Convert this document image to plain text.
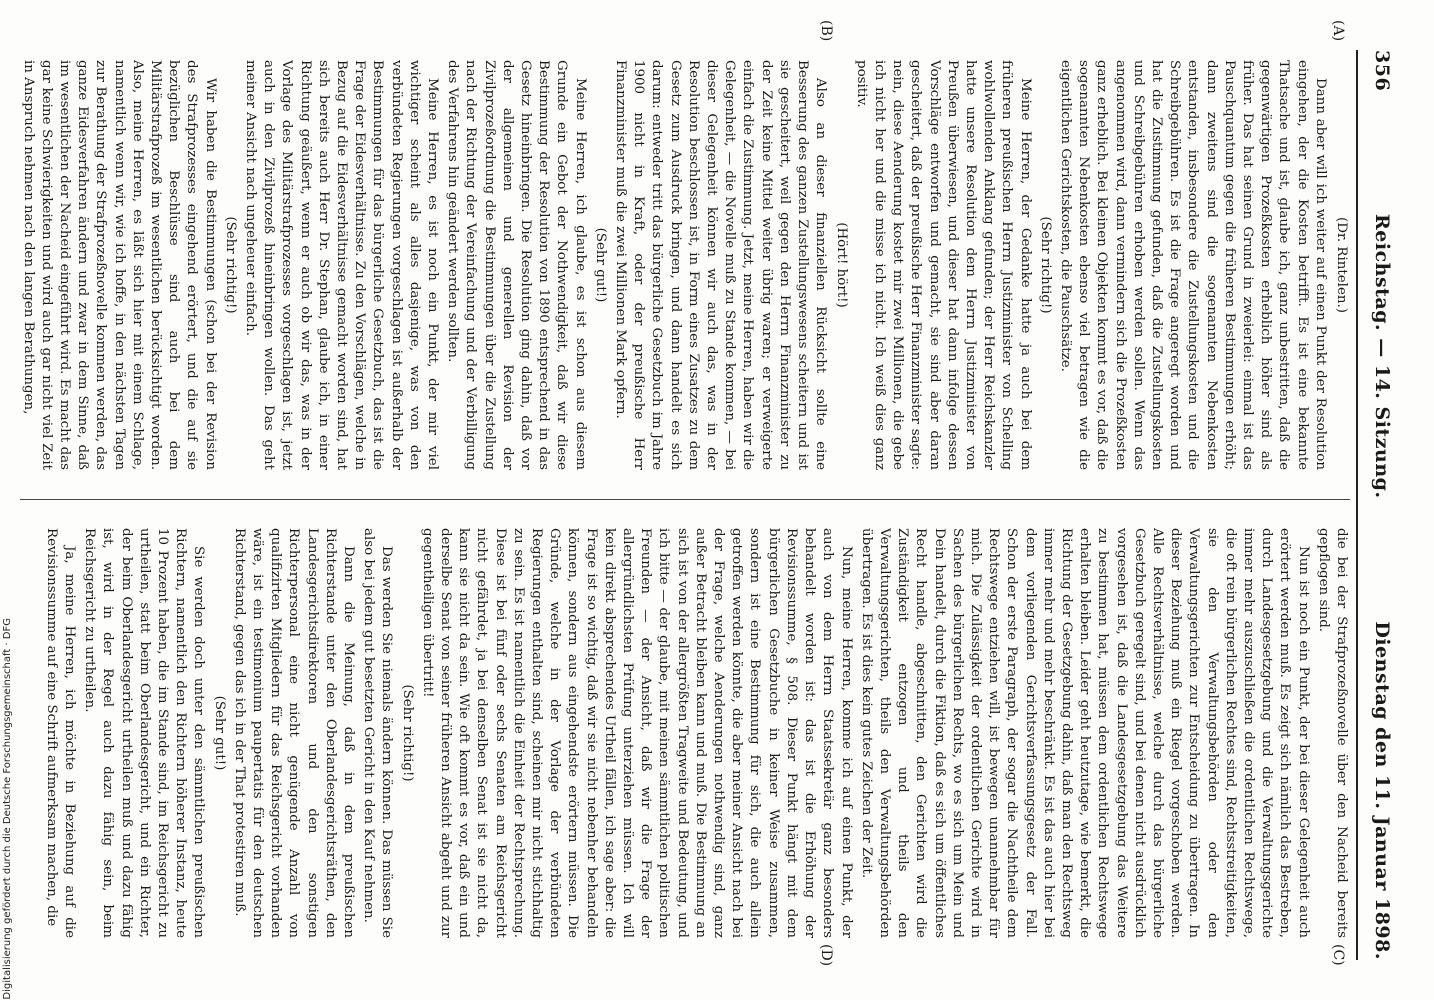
356
Reichstag. — 14. Sitzung.
Dienstag den 11. Januar 1898.
(A)
(B)
(C)
(D)

(Dr. Rintelen.)

Dann aber will ich weiter auf einen Punkt der Resolution eingehen, der die Kosten betrifft. Es ist eine bekannte Thatsache und ist, glaube ich, ganz unbestritten, daß die gegenwärtigen Prozeßkosten erheblich höher sind als früher. Das hat seinen Grund in zweierlei: einmal ist das Pauschquantum gegen die früheren Bestimmungen erhöht; dann zweitens sind die sogenannten Nebenkosten entstanden, insbesondere die Zustellungskosten und die Schreibgebühren. Es ist die Frage angeregt worden und hat die Zustimmung gefunden, daß die Zustellungskosten und Schreibgebühren erhoben werden sollen. Wenn das angenommen wird, dann vermindern sich die Prozeßkosten ganz erheblich. Bei kleinen Objekten kommt es vor, daß die sogenannten Nebenkosten ebenso viel betragen wie die eigentlichen Gerichtskosten, die Pauschsätze.

(Sehr richtig!)

Meine Herren, der Gedanke hatte ja auch bei dem früheren preußischen Herrn Justizminister von Schelling wohlwollenden Anklang gefunden; der Herr Reichskanzler hatte unsere Resolution dem Herrn Justizminister von Preußen überwiesen, und dieser hat dann infolge dessen Vorschläge entworfen und gemacht, sie sind aber daran gescheitert, daß der preußische Herr Finanzminister sagte: nein, diese Aenderung kostet mir zwei Millionen, die gebe ich nicht her und die misse ich nicht. Ich weiß dies ganz positiv.

(Hört! hört!)

Also an dieser finanziellen Rücksicht sollte eine Besserung des ganzen Zustellungswesens scheitern und ist sie gescheitert, weil gegen den Herrn Finanzminister zu der Zeit keine Mittel weiter übrig waren; er verweigerte einfach die Zustimmung. Jetzt, meine Herren, haben wir die Gelegenheit, — die Novelle muß zu Stande kommen, — bei dieser Gelegenheit können wir auch das, was in der Resolution beschlossen ist, in Form eines Zusatzes zu dem Gesetz zum Ausdruck bringen, und dann handelt es sich darum: entweder tritt das bürgerliche Gesetzbuch im Jahre 1900 nicht in Kraft, oder der preußische Herr Finanzminister muß die zwei Millionen Mark opfern.

(Sehr gut!)

Meine Herren, ich glaube, es ist schon aus diesem Grunde ein Gebot der Nothwendigkeit, daß wir diese Bestimmung der Resolution von 1890 entsprechend in das Gesetz hineinbringen. Die Resolution ging dahin, daß vor der allgemeinen und generellen Revision der Zivilprozeßordnung die Bestimmungen über die Zustellung nach der Richtung der Vereinfachung und der Verbilligung des Verfahrens hin geändert werden sollten.

Meine Herren, es ist noch ein Punkt, der mir viel wichtiger scheint als alles dasjenige, was von den verbündeten Regierungen vorgeschlagen ist außerhalb der Bestimmungen für das bürgerliche Gesetzbuch, das ist die Frage der Eidesverhältnisse. Zu den Vorschlägen, welche in Bezug auf die Eidesverhältnisse gemacht worden sind, hat sich bereits auch Herr Dr. Stephan, glaube ich, in einer Richtung geäußert, wenn er auch ob wir das, was in der Vorlage des Militärstrafprozesses vorgeschlagen ist, jetzt auch in den Zivilprozeß hineinbringen wollen. Das geht meiner Ansicht nach ungeheuer einfach.

(Sehr richtig!)

Wir haben die Bestimmungen (schon bei der Revision des Strafprozesses eingehend erörtert, und die auf sie bezüglichen Beschlüsse sind auch bei dem Militärstrafprozeß im wesentlichen berücksichtigt worden. Also, meine Herren, es läßt sich hier mit einem Schlage, namentlich wenn wir, wie ich hoffe, in den nächsten Tagen zur Berathung der Strafprozeßnovelle kommen werden, das ganze Eidesverfahren ändern und zwar in dem Sinne, daß im wesentlichen der Nacheid eingeführt wird. Es macht das gar keine Schwierigkeiten und wird auch gar nicht viel Zeit in Anspruch nehmen nach den langen Berathungen,

die bei der Strafprozeßnovelle über den Nacheid bereits gepflogen sind.

Nun ist noch ein Punkt, der bei dieser Gelegenheit auch erörtert werden muß. Es zeigt sich nämlich das Bestreben, durch Landesgesetzgebung und die Verwaltungsgerichte immer mehr auszuschließen die ordentlichen Rechtswege, die oft rein bürgerlichen Rechtes sind, Rechtsstreitigkeiten, sie den Verwaltungsbehörden oder den Verwaltungsgerichten zur Entscheidung zu übertragen. In dieser Beziehung muß ein Riegel vorgeschoben werden. Alle Rechtsverhältnisse, welche durch das bürgerliche Gesetzbuch geregelt sind, und bei denen nicht ausdrücklich vorgesehen ist, daß die Landesgesetzgebung das Weitere zu bestimmen hat, müssen dem ordentlichen Rechtswege erhalten bleiben. Leider geht heutzutage, wie bemerkt, die Richtung der Gesetzgebung dahin, daß man den Rechtsweg immer mehr und mehr beschränkt. Es ist das auch hier bei dem vorliegenden Gerichtsverfassungsgesetz der Fall. Schon der erste Paragraph, der sogar die Nachtheile dem Rechtswege entziehen will, ist bewegen unannehmbar für mich. Die Zulässigkeit der ordentlichen Gerichte wird in Sachen des bürgerlichen Rechts, wo es sich um Mein und Dein handelt, durch die Fiktion, daß es sich um öffentliches Recht handle, abgeschnitten, den Gerichten wird die Zuständigkeit entzogen und theils den Verwaltungsgerichten, theils den Verwaltungsbehörden übertragen. Es ist dies kein gutes Zeichen der Zeit.

Nun, meine Herren, komme ich auf einen Punkt, der auch von dem Herrn Staatssekretär ganz besonders behandelt worden ist: das ist die Erhöhung der Revisionssumme, § 508. Dieser Punkt hängt mit dem bürgerlichen Gesetzbuche in keiner Weise zusammen, sondern ist eine Bestimmung für sich, die auch allein getroffen werden könnte, die aber meiner Ansicht nach bei der Frage, welche Aenderungen nothwendig sind, ganz außer Betracht bleiben kann und muß. Die Bestimmung an sich ist von der allergrößten Tragweite und Bedeutung, und ich bitte — der glaube, mit meinen sämmtlichen politischen Freunden — der Ansicht, daß wir die Frage der allergründlichsten Prüfung unterziehen müssen. Ich will kein direkt absprechendes Urtheil fällen, ich sage aber: die Frage ist so wichtig, daß wir sie nicht nebenher behandeln können, sondern aus eingehendste erörtern müssen. Die Gründe, welche in der Vorlage der verbündeten Regierungen enthalten sind, scheinen mir nicht stichhaltig zu sein. Es ist namentlich die Einheit der Rechtsprechung. Diese ist bei fünf oder sechs Senaten am Reichsgericht nicht gefährdet, ja bei denselben Senat ist sie nicht da, kann sie nicht da sein. Wie oft kommt es vor, daß ein und derselbe Senat von seiner früheren Ansicht abgeht und zur gegentheiligen übertritt!

(Sehr richtig!)

Das werden Sie niemals ändern können. Das müssen Sie also bei jedem gut besetzten Gericht in den Kauf nehmen.

Dann die Meinung, daß in dem preußischen Richterstande unter den Oberlandesgerichtsräthen, den Landesgerichtsdirektoren und den sonstigen Richterpersonal eine nicht genügende Anzahl von qualifizirten Mitgliedern für das Reichsgericht vorhanden wäre, ist ein testimonium paupertatis für den deutschen Richterstand, gegen das ich in der That protestiren muß.

(Sehr gut!)

Sie werden doch unter den sämmtlichen preußischen Richtern, namentlich den Richtern höherer Instanz, heute 10 Prozent haben, die im Stande sind, im Reichsgericht zu urtheilen, statt beim Oberlandesgericht, und ein Richter, der beim Oberlandesgericht urtheilen muß und dazu fähig ist, wird in der Regel auch dazu fähig sein, beim Reichsgericht zu urtheilen.

Ja, meine Herren, ich möchte in Beziehung auf die Revisionssumme auf eine Schrift aufmerksam machen, die

Digitalisierung gefördert durch die Deutsche Forschungsgemeinschaft · DFG
